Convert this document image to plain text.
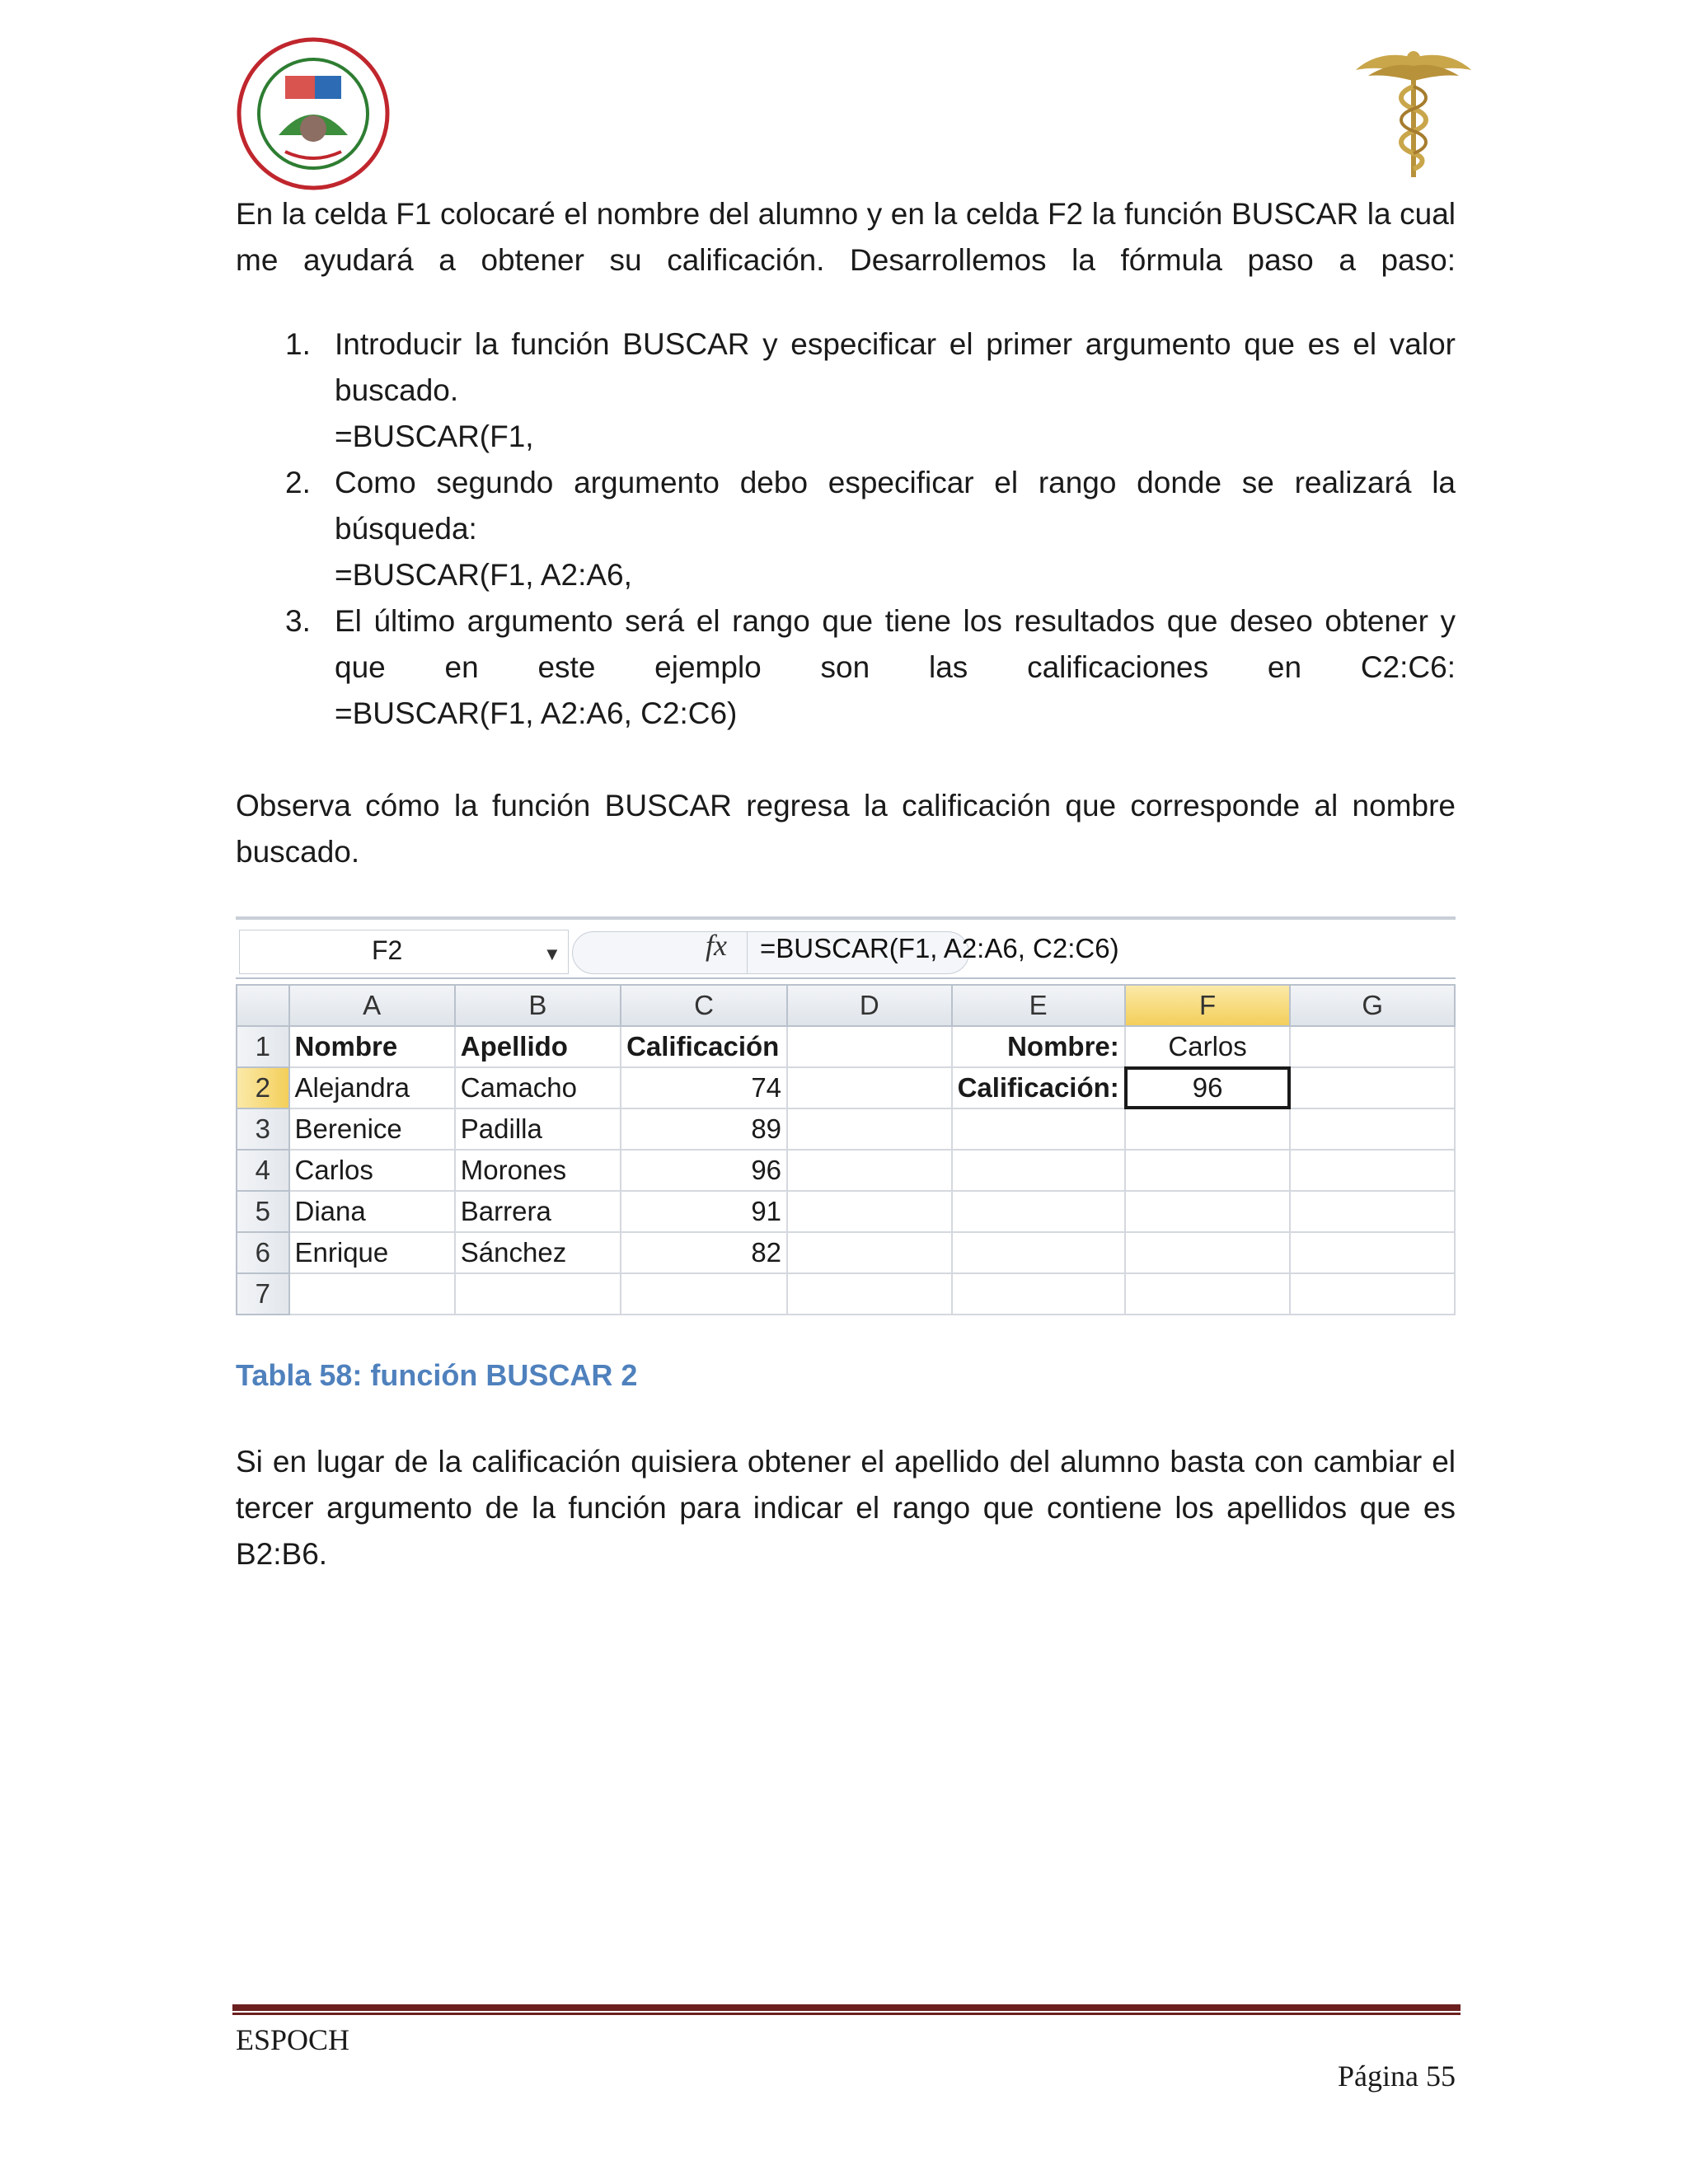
En la celda F1 colocaré el nombre del alumno y en la celda F2 la función BUSCAR la cual me ayudará a obtener su calificación. Desarrollemos la fórmula paso a paso:
1. Introducir la función BUSCAR y especificar el primer argumento que es el valor buscado.
=BUSCAR(F1,
2. Como segundo argumento debo especificar el rango donde se realizará la búsqueda:
=BUSCAR(F1, A2:A6,
3. El último argumento será el rango que tiene los resultados que deseo obtener y
que en este ejemplo son las calificaciones en C2:C6:
=BUSCAR(F1, A2:A6, C2:C6)
Observa cómo la función BUSCAR regresa la calificación que corresponde al nombre buscado.
F2	▼	fx =BUSCAR(F1, A2:A6, C2:C6)
	A	B	C	D	E	F	G
1	Nombre	Apellido	Calificación		Nombre:	Carlos	
2	Alejandra	Camacho	74		Calificación:	96	
3	Berenice	Padilla	89				
4	Carlos	Morones	96				
5	Diana	Barrera	91				
6	Enrique	Sánchez	82				
7							
Tabla 58: función BUSCAR 2
Si en lugar de la calificación quisiera obtener el apellido del alumno basta con cambiar el tercer argumento de la función para indicar el rango que contiene los apellidos que es B2:B6.
ESPOCH
Página 55
